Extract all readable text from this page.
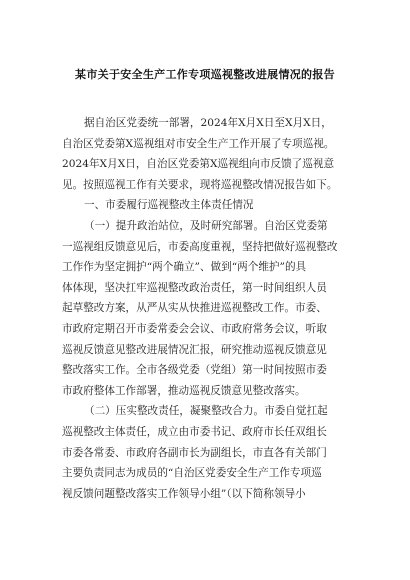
某市关于安全生产工作专项巡视整改进展情况的报告
据自治区党委统一部署，2024年X月X日至X月X日，
自治区党委第X巡视组对市安全生产工作开展了专项巡视。
2024年X月X日，自治区党委第X巡视组向市反馈了巡视意
见。按照巡视工作有关要求，现将巡视整改情况报告如下。
一、市委履行巡视整改主体责任情况
（一）提升政治站位，及时研究部署。自治区党委第
一巡视组反馈意见后，市委高度重视，坚持把做好巡视整改
工作作为坚定拥护“两个确立”、做到“两个维护”的具
体体现，坚决扛牢巡视整改政治责任，第一时间组织人员
起草整改方案，从严从实从快推进巡视整改工作。市委、
市政府定期召开市委常委会会议、市政府常务会议，听取
巡视反馈意见整改进展情况汇报，研究推动巡视反馈意见
整改落实工作。全市各级党委（党组）第一时间按照市委
市政府整体工作部署，推动巡视反馈意见整改落实。
（二）压实整改责任，凝聚整改合力。市委自觉扛起
巡视整改主体责任，成立由市委书记、政府市长任双组长
市委各常委、市政府各副市长为副组长，市直各有关部门
主要负责同志为成员的“自治区党委安全生产工作专项巡
视反馈问题整改落实工作领导小组”（以下简称领导小
